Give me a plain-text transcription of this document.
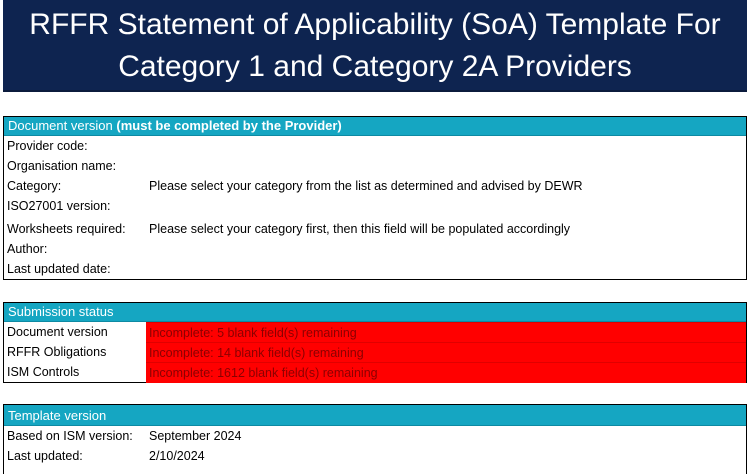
RFFR Statement of Applicability (SoA) Template For
Category 1 and Category 2A Providers
Document version (must be completed by the Provider)
Provider code:
Organisation name:
Category:	Please select your category from the list as determined and advised by DEWR
ISO27001 version:
Worksheets required: Please select your category first, then this field will be populated accordingly
Author:
Last updated date:
Submission status
Document version	Incomplete: 5 blank field(s) remaining
RFFR Obligations	Incomplete: 14 blank field(s) remaining
ISM Controls	Incomplete: 1612 blank field(s) remaining
Template version
Based on ISM version: September 2024
Last updated:	2/10/2024
